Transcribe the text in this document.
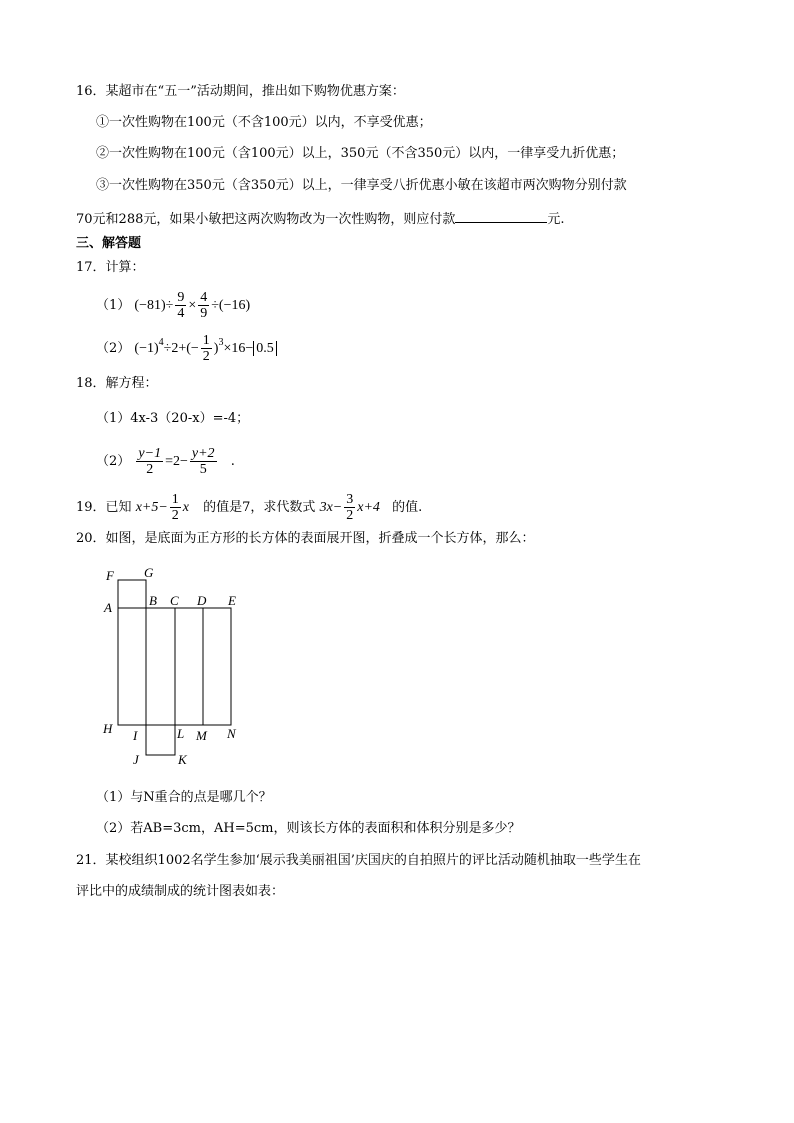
16．某超市在“五一”活动期间，推出如下购物优惠方案：
①一次性购物在100元（不含100元）以内，不享受优惠；
②一次性购物在100元（含100元）以上，350元（不含350元）以内，一律享受九折优惠；
③一次性购物在350元（含350元）以上，一律享受八折优惠小敏在该超市两次购物分别付款
70元和288元，如果小敏把这两次购物改为一次性购物，则应付款	元.
三、解答题
17．计算：
（1） $(-81)\div \frac{9}{4} \times \frac{4}{9} \div(-16)$
（2） $(-1)^4\div 2+(- \frac{1}{2} )^3\times 16- 0.5$
18．解方程：
（1）4x-3（20-x）=-4；
$(2) \frac{y-1}{2} =2- \frac{y+2}{5}$ .
19．已知 $x+5- \frac{1}{2}$ x 的值是7，求代数式 $3x- \frac{3}{2} x+4$ 的值.
20．如图，是底面为正方形的长方体的表面展开图，折叠成一个长方体，那么：
F G
A	B C D E
H I	L M N
J	K
（1）与N重合的点是哪几个？
（2）若AB=3cm，AH=5cm，则该长方体的表面积和体积分别是多少？
21．某校组织1002名学生参加‘展示我美丽祖国’庆国庆的自拍照片的评比活动随机抽取一些学生在
评比中的成绩制成的统计图表如表：
